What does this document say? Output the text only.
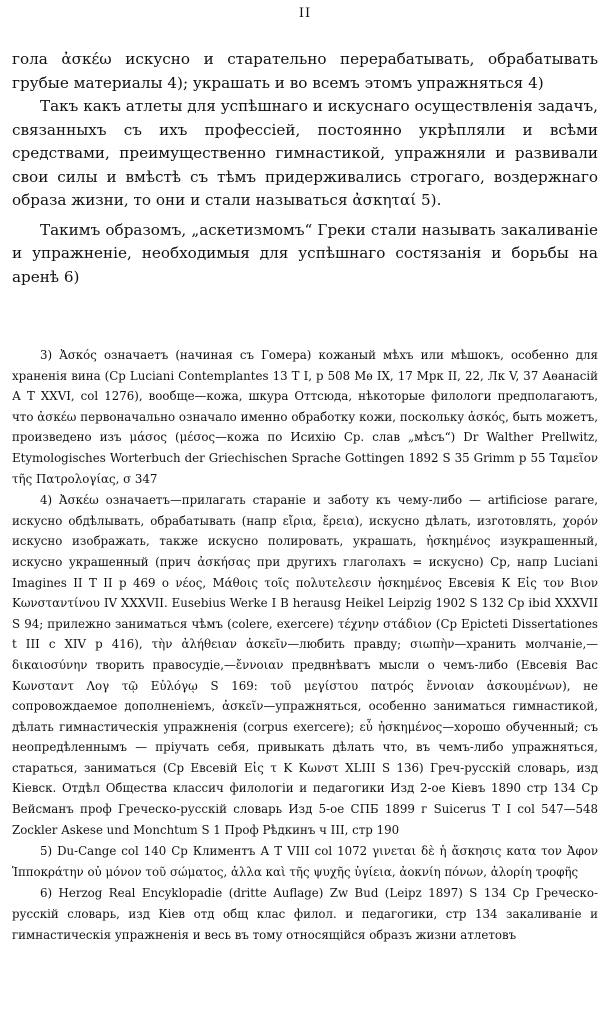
II

гола ἀσκέω искусно и старательно перерабатывать, обрабатывать грубые материалы 4); украшать и во всемъ этомъ упражняться 4)

Такъ какъ атлеты для успѣшнаго и искуснаго осуществленія задачъ, связанныхъ съ ихъ профессіей, постоянно укрѣпляли и всѣми средствами, преимущественно гимнастикой, упражняли и развивали свои силы и вмѣстѣ съ тѣмъ придерживались строгаго, воздержнаго образа жизни, то они и стали называться ἀσκηταί 5).

Такимъ образомъ, „аскетизмомъ“ Греки стали называть закаливаніе и упражненіе, необходимыя для успѣшнаго состязанія и борьбы на аренѣ 6)

3) Ἀσκός означаетъ (начиная съ Гомера) кожаный мѣхъ или мѣшокъ, особенно для храненія вина (Ср Luciani Contemplantes 13 Т I, р 508 Мѳ IX, 17 Мрк II, 22, Лк V, 37 Аѳанасій А Т XXVI, col 1276), вообще—кожа, шкура Оттсюда, нѣкоторые филологи предполагаютъ, что ἀσκέω первоначально означало именно обработку кожи, поскольку ἀσκός, быть можетъ, произведено изъ μάσος (μέσος—кожа по Исихію Ср. слав „мѣсъ“) Dr Walther Prellwitz, Etymologisches Worterbuch der Griechischen Sprache Gottingen 1892 S 35 Grimm р 55 Ταμεῖον τῆς Πατρολογίας, σ 347

4) Ἀσκέω означаетъ—прилагать стараніе и заботу къ чему-либо — artificiose parare, искусно обдѣлывать, обрабатывать (напр εἴρια, ἔρεια), искусно дѣлать, изготовлять, χορόν искусно изображать, также искусно полировать, украшать, ἠσκημένος изукрашенный, искусно украшенный (прич ἀσκήσας при другихъ глаголахъ = искусно) Ср, напр Luciani Imagines II Т II р 469 ο νέος, Μάθοις τοῖς πολυτελεσιν ἠσκημένος Евсевія К Εἰς τον Βιον Κωνσταντίνου IV XXXVII. Eusebius Werke I В herausg Heikel Leipzig 1902 S 132 Ср ibid XXXVII S 94; прилежно заниматься чѣмъ (colere, exercere) τέχνην στάδιον (Ср Epicteti Dissertationes t III c XIV р 416), τὴν ἀλήθειαν ἀσκεῖν—любить правду; σιωπὴν—хранить молчаніе,—δικαιοσύνην творить правосудіе,—ἔννοιαν предвнѣватъ мысли о чемъ-либо (Евсевія Вас Κωνσταντ Λογ τῷ Εὐλόγῳ S 169: τοῦ μεγίστου πατρός ἔννοιαν ἀσκουμένων), не сопровождаемое дополненіемъ, ἀσκεῖν—упражняться, особенно заниматься гимнастикой, дѣлать гимнастическія упражненія (corpus exercere); εὖ ἠσκημένος—хорошо обученный; съ неопредѣленнымъ — пріучать себя, привыкать дѣлать что, въ чемъ-либо упражняться, стараться, заниматься (Ср Евсевій Εἰς τ Κ Κωνστ XLIII S 136) Греч-русскій словарь, изд Кіевск. Отдѣл Общества классич филологіи и педагогики Изд 2-ое Кіевъ 1890 стр 134 Ср Вейсманъ проф Греческо-русскій словарь Изд 5-ое СПБ 1899 г Suicerus Т I col 547—548 Zockler Askese und Monchtum S 1 Проф Рѣдкинъ ч III, стр 190

5) Du-Cange col 140 Ср Климентъ А Т VIII col 1072 γινεται δὲ ἡ ἄσκησις κατα τον Ἀφον Ἱπποκράτην οὐ μόνον τοῦ σώματος, ἀλλα καὶ τῆς ψυχῆς ὑγίεια, ἀοκνίη πόνων, ἀλορίη τροφῆς

6) Herzog Real Encyklopadie (dritte Auflage) Zw Bud (Leipz 1897) S 134 Ср Греческо-русскій словарь, изд Кіев отд общ клас филол. и педагогики, стр 134 закаливаніе и гимнастическія упражненія и весь въ тому относящійся образъ жизни атлетовъ
